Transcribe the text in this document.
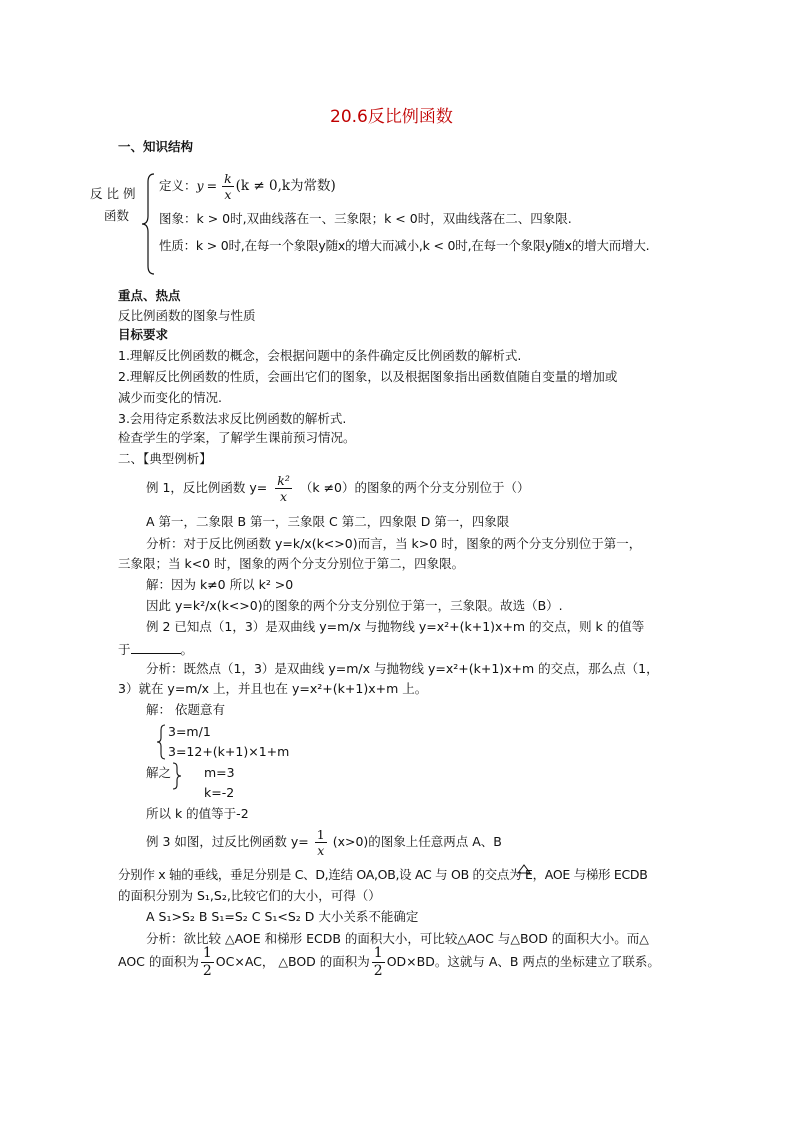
20.6反比例函数
一、知识结构
反 比 例
函数
定义： $y = \frac{k}{x} (k \ne 0,k$为常数)
图象：k > 0时,双曲线落在一、三象限；k < 0时，双曲线落在二、四象限.
性质：k > 0时,在每一个象限y随x的增大而减小,k < 0时,在每一个象限y随x的增大而增大.
重点、热点
反比例函数的图象与性质
目标要求
1.理解反比例函数的概念，会根据问题中的条件确定反比例函数的解析式.
2.理解反比例函数的性质，会画出它们的图象，以及根据图象指出函数值随自变量的增加或
减少而变化的情况.
3.会用待定系数法求反比例函数的解析式.
检查学生的学案，了解学生课前预习情况。
二、【典型例析】
例 1，反比例函数 $y= \frac{\text{k²}}{x} (k \ne 0)$的图象的两个分支分别位于（）
A 第一，二象限 B 第一，三象限 C 第二，四象限 D 第一，四象限
分析：对于反比例函数 y=k/x(k<>0)而言，当 k>0 时，图象的两个分支分别位于第一，
三象限；当 k<0 时，图象的两个分支分别位于第二，四象限。
解：因为 k≠0 所以 k² >0
因此 y=k²/x(k<>0)的图象的两个分支分别位于第一，三象限。故选（B）.
例 2 已知点（1，3）是双曲线 y=m/x 与抛物线 y=x²+(k+1)x+m 的交点，则 k 的值等
于	。
分析：既然点（1，3）是双曲线 y=m/x 与抛物线 y=x²+(k+1)x+m 的交点，那么点（1，
3）就在 y=m/x 上，并且也在 y=x²+(k+1)x+m 上。
解： 依题意有
3=m/1
3=12+(k+1)×1+m
解之	m=3
k=-2
所以 k 的值等于-2
例 3 如图，过反比例函数 $y= \frac{1}{x} (x>0)$的图象上任意两点 A、B
分别作 x 轴的垂线，垂足分别是 C、D,连结 OA,OB,设 AC 与 OB 的交点为 E，AOE 与梯形 ECDB
的面积分别为 S₁,S₂,比较它们的大小，可得（）
A S₁>S₂ B S₁=S₂ C S₁<S₂ D 大小关系不能确定
分析：欲比较 △AOE 和梯形 ECDB 的面积大小，可比较△AOC 与△BOD 的面积大小。而△
AOC 的面积为 $\frac{1}{2} OC\times AC$， △BOD 的面积为 $\frac{1}{2} OD\times BD$。这就与 A、B 两点的坐标建立了联系。
